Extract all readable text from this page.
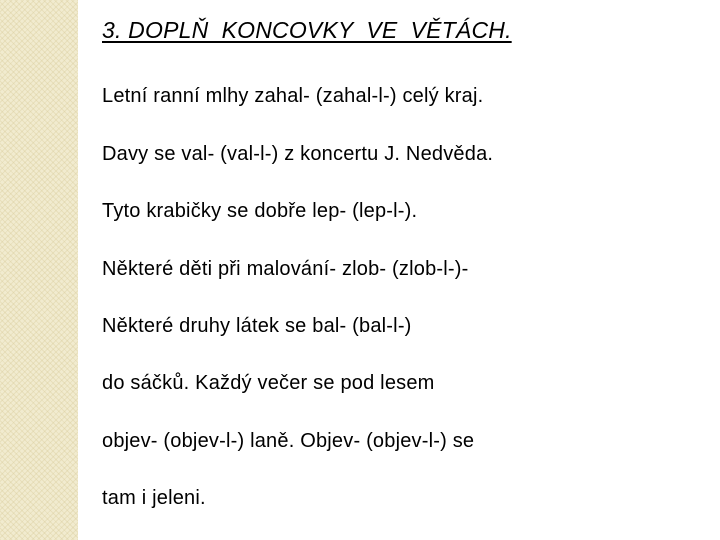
3. DOPLŇ  KONCOVKY  VE  VĚTÁCH.

Letní ranní mlhy zahal- (zahal-l-) celý kraj.

Davy se val- (val-l-) z koncertu J. Nedvěda.

Tyto krabičky se dobře lep- (lep-l-).

Některé děti při malování- zlob- (zlob-l-)-

Některé druhy látek se bal- (bal-l-)

do sáčků. Každý večer se pod lesem

objev- (objev-l-) laně. Objev- (objev-l-) se

tam i jeleni.
